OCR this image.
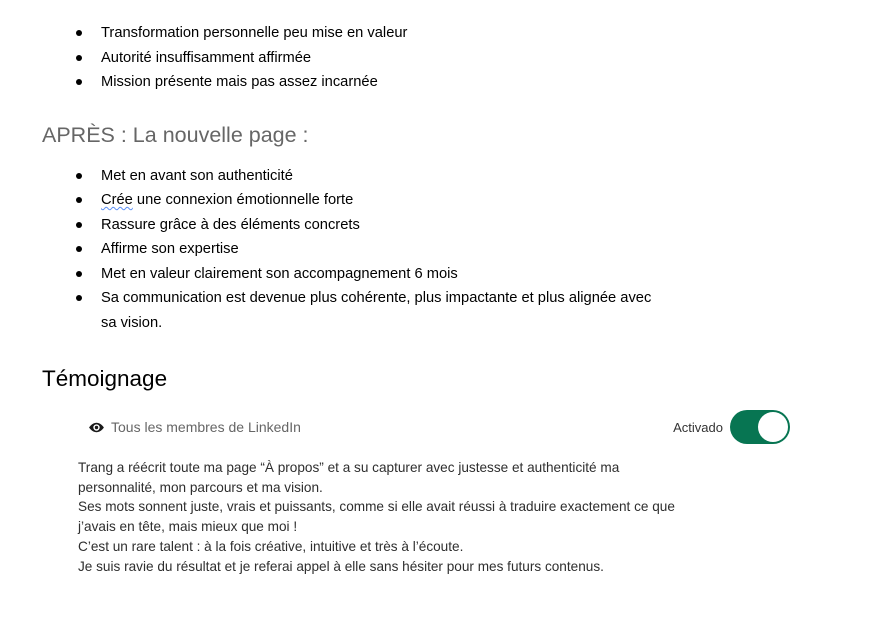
Transformation personnelle peu mise en valeur
Autorité insuffisamment affirmée
Mission présente mais pas assez incarnée
APRÈS : La nouvelle page :
Met en avant son authenticité
Crée une connexion émotionnelle forte
Rassure grâce à des éléments concrets
Affirme son expertise
Met en valeur clairement son accompagnement 6 mois
Sa communication est devenue plus cohérente, plus impactante et plus alignée avec
sa vision.
Témoignage
Tous les membres de LinkedIn	Activado
Trang a réécrit toute ma page “À propos” et a su capturer avec justesse et authenticité ma
personnalité, mon parcours et ma vision.
Ses mots sonnent juste, vrais et puissants, comme si elle avait réussi à traduire exactement ce que
j’avais en tête, mais mieux que moi !
C’est un rare talent : à la fois créative, intuitive et très à l’écoute.
Je suis ravie du résultat et je referai appel à elle sans hésiter pour mes futurs contenus.
